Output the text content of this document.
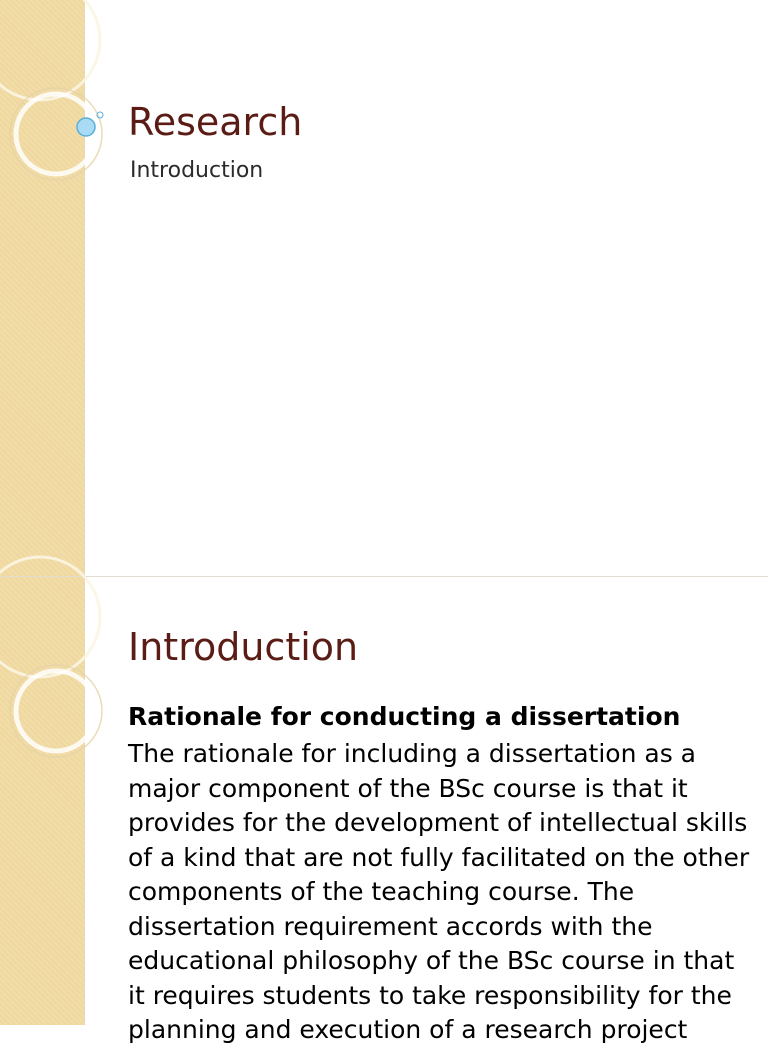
Research
Introduction
Introduction

Rationale for conducting a dissertation

The rationale for including a dissertation as a major component of the BSc course is that it provides for the development of intellectual skills of a kind that are not fully facilitated on the other components of the teaching course. The dissertation requirement accords with the educational philosophy of the BSc course in that it requires students to take responsibility for the planning and execution of a research project
